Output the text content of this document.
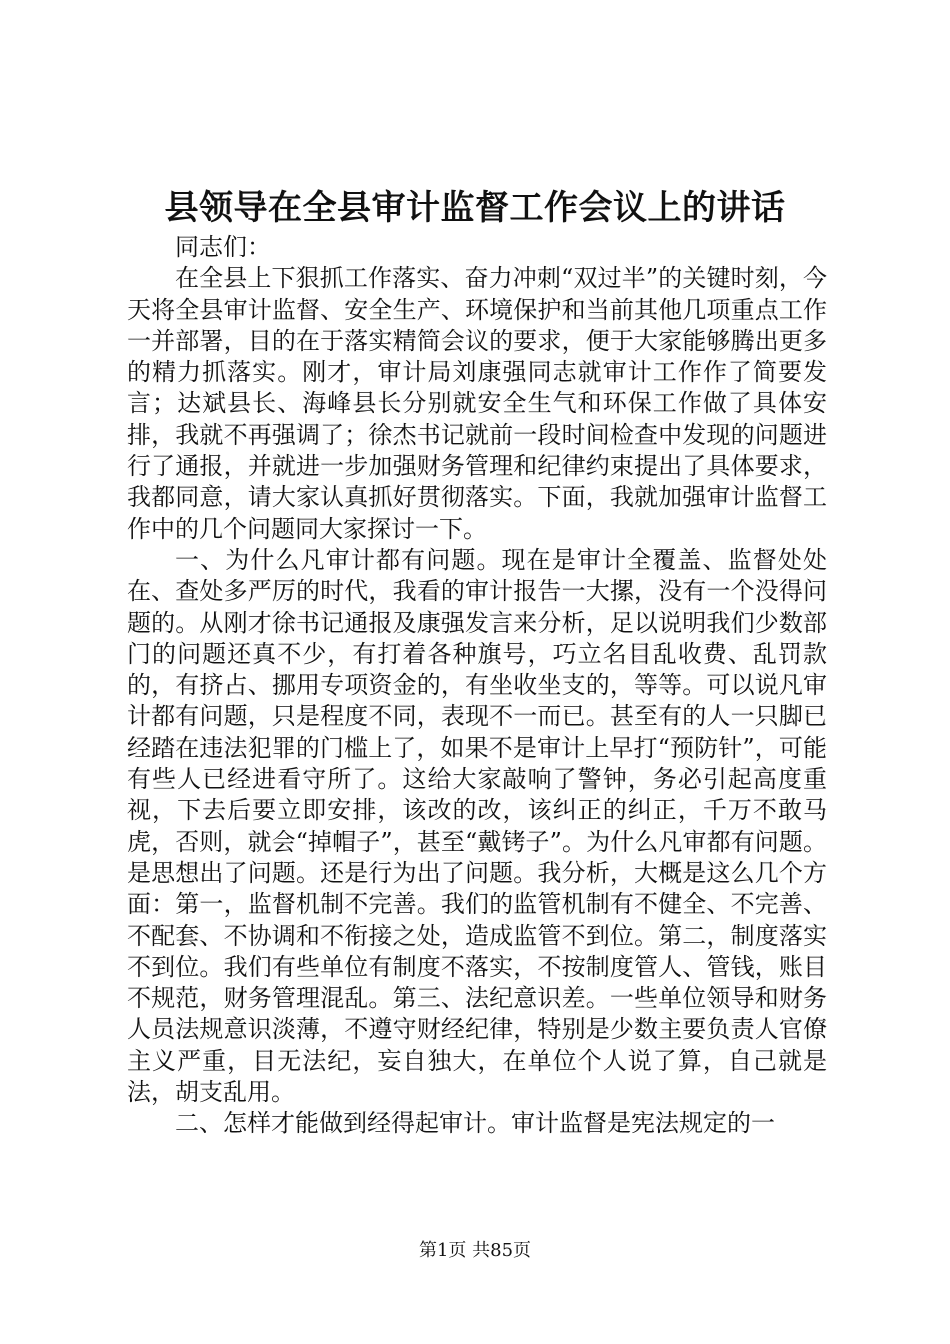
县领导在全县审计监督工作会议上的讲话

同志们：

在全县上下狠抓工作落实、奋力冲刺“双过半”的关键时刻，今天将全县审计监督、安全生产、环境保护和当前其他几项重点工作一并部署，目的在于落实精简会议的要求，便于大家能够腾出更多的精力抓落实。刚才，审计局刘康强同志就审计工作作了简要发言；达斌县长、海峰县长分别就安全生气和环保工作做了具体安排，我就不再强调了；徐杰书记就前一段时间检查中发现的问题进行了通报，并就进一步加强财务管理和纪律约束提出了具体要求，我都同意，请大家认真抓好贯彻落实。下面，我就加强审计监督工作中的几个问题同大家探讨一下。

一、为什么凡审计都有问题。现在是审计全覆盖、监督处处在、查处多严厉的时代，我看的审计报告一大摞，没有一个没得问题的。从刚才徐书记通报及康强发言来分析，足以说明我们少数部门的问题还真不少，有打着各种旗号，巧立名目乱收费、乱罚款的，有挤占、挪用专项资金的，有坐收坐支的，等等。可以说凡审计都有问题，只是程度不同，表现不一而已。甚至有的人一只脚已经踏在违法犯罪的门槛上了，如果不是审计上早打“预防针”，可能有些人已经进看守所了。这给大家敲响了警钟，务必引起高度重视，下去后要立即安排，该改的改，该纠正的纠正，千万不敢马虎，否则，就会“掉帽子”，甚至“戴铐子”。为什么凡审都有问题。是思想出了问题。还是行为出了问题。我分析，大概是这么几个方面：第一，监督机制不完善。我们的监管机制有不健全、不完善、不配套、不协调和不衔接之处，造成监管不到位。第二，制度落实不到位。我们有些单位有制度不落实，不按制度管人、管钱，账目不规范，财务管理混乱。第三、法纪意识差。一些单位领导和财务人员法规意识淡薄，不遵守财经纪律，特别是少数主要负责人官僚主义严重，目无法纪，妄自独大，在单位个人说了算，自己就是法，胡支乱用。

二、怎样才能做到经得起审计。审计监督是宪法规定的一

第1页 共85页
